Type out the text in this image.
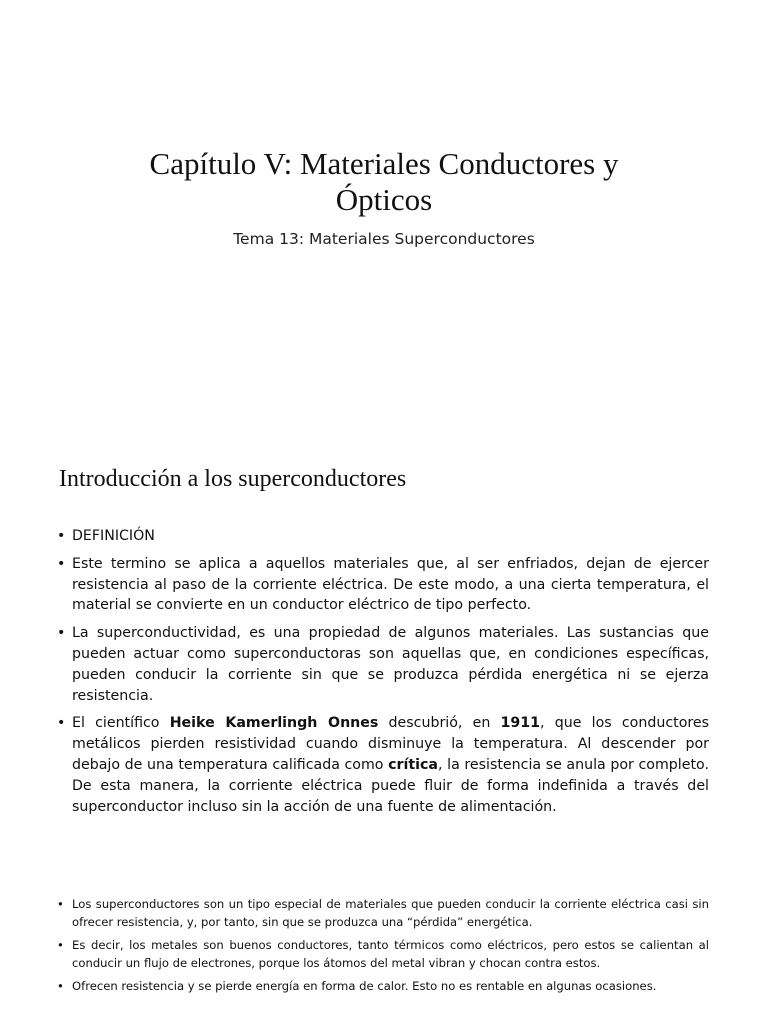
Capítulo V: Materiales Conductores y
Ópticos
Tema 13: Materiales Superconductores
Introducción a los superconductores
• DEFINICIÓN
• Este termino se aplica a aquellos materiales que, al ser enfriados, dejan de ejercer resistencia al paso de la corriente eléctrica. De este modo, a una cierta temperatura, el material se convierte en un conductor eléctrico de tipo perfecto.
• La superconductividad, es una propiedad de algunos materiales. Las sustancias que pueden actuar como superconductoras son aquellas que, en condiciones específicas, pueden conducir la corriente sin que se produzca pérdida energética ni se ejerza resistencia.
• El científico Heike Kamerlingh Onnes descubrió, en 1911, que los conductores metálicos pierden resistividad cuando disminuye la temperatura. Al descender por debajo de una temperatura calificada como crítica, la resistencia se anula por completo. De esta manera, la corriente eléctrica puede fluir de forma indefinida a través del superconductor incluso sin la acción de una fuente de alimentación.
• Los superconductores son un tipo especial de materiales que pueden conducir la corriente eléctrica casi sin ofrecer resistencia, y, por tanto, sin que se produzca una “pérdida” energética.
• Es decir, los metales son buenos conductores, tanto térmicos como eléctricos, pero estos se calientan al conducir un flujo de electrones, porque los átomos del metal vibran y chocan contra estos.
• Ofrecen resistencia y se pierde energía en forma de calor. Esto no es rentable en algunas ocasiones.
